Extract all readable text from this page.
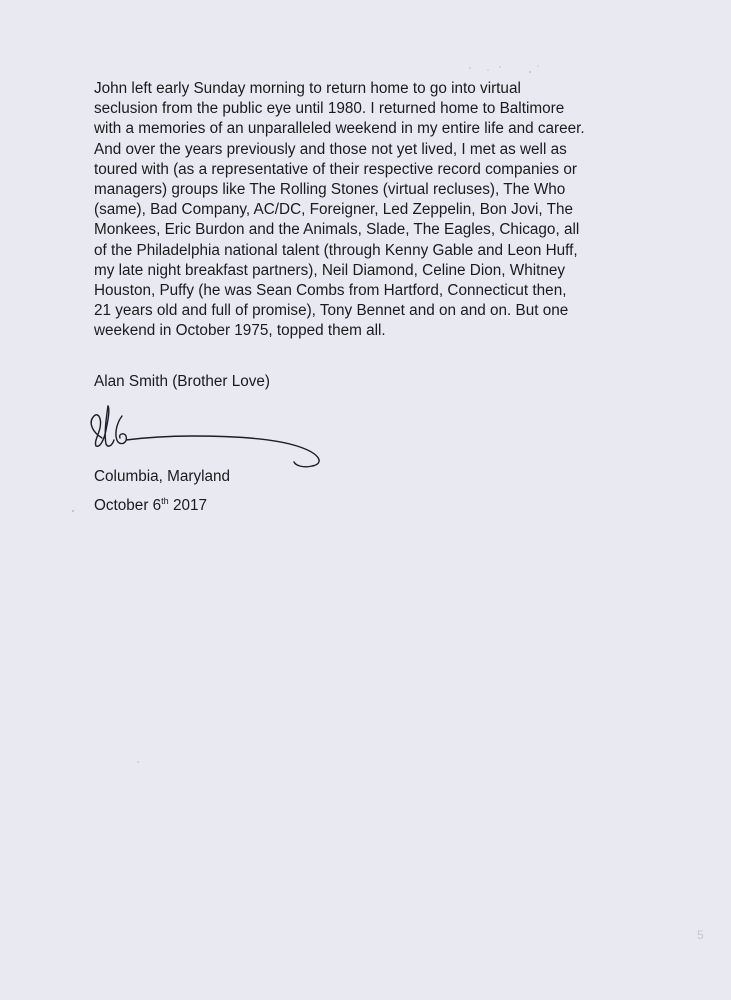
John left early Sunday morning to return home to go into virtual
seclusion from the public eye until 1980. I returned home to Baltimore
with a memories of an unparalleled weekend in my entire life and career.
And over the years previously and those not yet lived, I met as well as
toured with (as a representative of their respective record companies or
managers) groups like The Rolling Stones (virtual recluses), The Who
(same), Bad Company, AC/DC, Foreigner, Led Zeppelin, Bon Jovi, The
Monkees, Eric Burdon and the Animals, Slade, The Eagles, Chicago, all
of the Philadelphia national talent (through Kenny Gable and Leon Huff,
my late night breakfast partners), Neil Diamond, Celine Dion, Whitney
Houston, Puffy (he was Sean Combs from Hartford, Connecticut then,
21 years old and full of promise), Tony Bennet and on and on. But one
weekend in October 1975, topped them all.

Alan Smith (Brother Love)

Columbia, Maryland

October 6th 2017

5
